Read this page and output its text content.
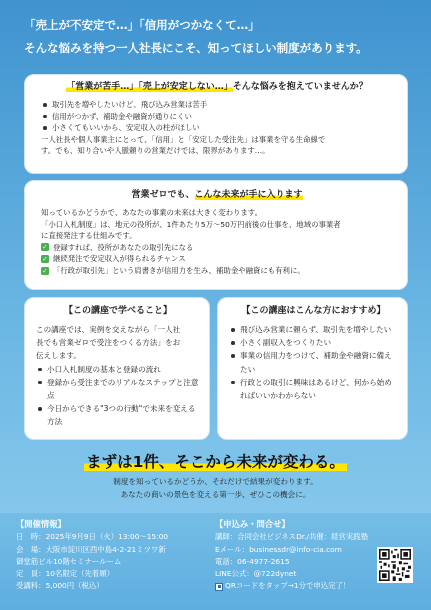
「売上が不安定で…」「信用がつかなくて…」
そんな悩みを持つ一人社長にこそ、知ってほしい制度があります。
「営業が苦手…」「売上が安定しない…」そんな悩みを抱えていませんか？
取引先を増やしたいけど、飛び込み営業は苦手
信用がつかず、補助金や融資が通りにくい
小さくてもいいから、安定収入の柱がほしい
一人社長や個人事業主にとって、「信用」と「安定した受注先」は事業を守る生命線で
す。でも、知り合いや人脈頼りの営業だけでは、限界があります…。
営業ゼロでも、こんな未来が手に入ります
知っているかどうかで、あなたの事業の未来は大きく変わります。
「小口入札制度」は、地元の役所が、1件あたり5万〜50万円前後の仕事を、地域の事業者
に直接発注する仕組みです。
✓ 登録すれば、役所があなたの取引先になる
✓ 継続発注で安定収入が得られるチャンス
✓ 「行政が取引先」という肩書きが信用力を生み、補助金や融資にも有利に。
【この講座で学べること】
この講座では、実例を交えながら「一人社
長でも営業ゼロで受注をつくる方法」をお
伝えします。
小口入札制度の基本と登録の流れ
登録から受注までのリアルなステップと注意点
今日からできる"3つの行動"で未来を変える方法
【この講座はこんな方におすすめ】
飛び込み営業に頼らず、取引先を増やしたい
小さく副収入をつくりたい
事業の信用力をつけて、補助金や融資に備えたい
行政との取引に興味はあるけど、何から始めればいいかわからない
まずは1件、そこから未来が変わる。
制度を知っているかどうか、それだけで結果が変わります。
あなたの商いの景色を変える第一歩、ぜひこの機会に。
【開催情報】
日　時：2025年9月9日（火）13:00〜15:00
会　場：大阪市淀川区西中島4-2-21ミツワ新
御堂筋ビル10階セミナールーム
定　員：10名限定（先着順）
受講料：5,000円（税込）
【申込み・問合せ】
講師：合同会社ビジネスDr./共催：経営実践塾
Eメール：businessdr@info-cia.com
電話：06-4977-2615
LINE公式：@722dynet
QRコードをタップ→1分で申込完了！
